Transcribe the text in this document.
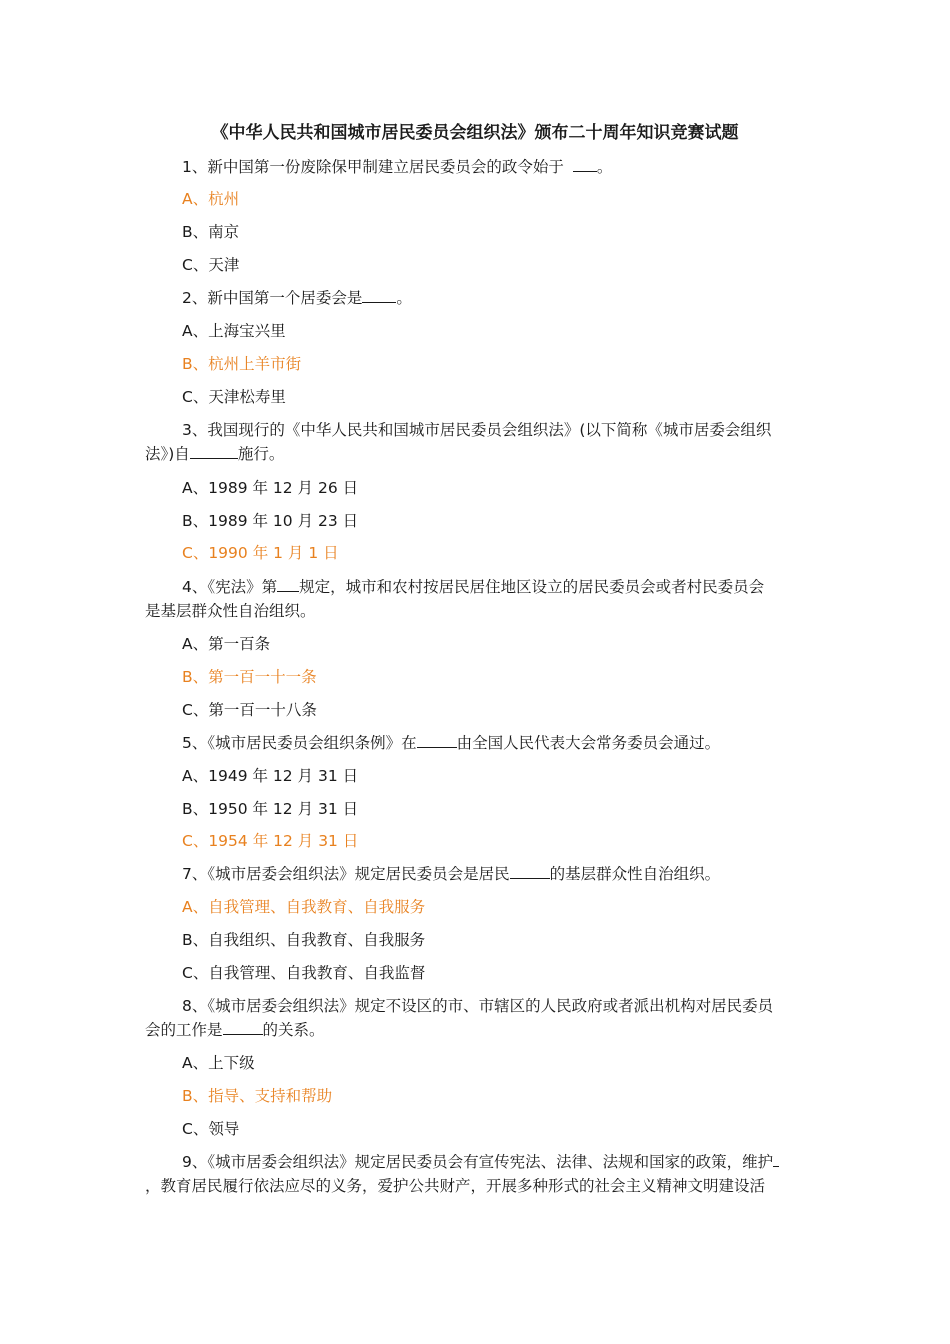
《中华人民共和国城市居民委员会组织法》颁布二十周年知识竞赛试题
1、新中国第一份废除保甲制建立居民委员会的政令始于 。
A、杭州
B、南京
C、天津
2、新中国第一个居委会是 。
A、上海宝兴里
B、杭州上羊市街
C、天津松寿里
3、我国现行的《中华人民共和国城市居民委员会组织法》(以下简称《城市居委会组织
法》)自	施行。
A、1989 年 12 月 26 日
B、1989 年 10 月 23 日
C、1990 年 1 月 1 日
4、《宪法》第 规定，城市和农村按居民居住地区设立的居民委员会或者村民委员会
是基层群众性自治组织。
A、第一百条
B、第一百一十一条
C、第一百一十八条
5、《城市居民委员会组织条例》在	由全国人民代表大会常务委员会通过。
A、1949 年 12 月 31 日
B、1950 年 12 月 31 日
C、1954 年 12 月 31 日
7、《城市居委会组织法》规定居民委员会是居民	的基层群众性自治组织。
A、自我管理、自我教育、自我服务
B、自我组织、自我教育、自我服务
C、自我管理、自我教育、自我监督
8、《城市居委会组织法》规定不设区的市、市辖区的人民政府或者派出机构对居民委员
会的工作是	的关系。
A、上下级
B、指导、支持和帮助
C、领导
9、《城市居委会组织法》规定居民委员会有宣传宪法、法律、法规和国家的政策，维护
，教育居民履行依法应尽的义务，爱护公共财产，开展多种形式的社会主义精神文明建设活
